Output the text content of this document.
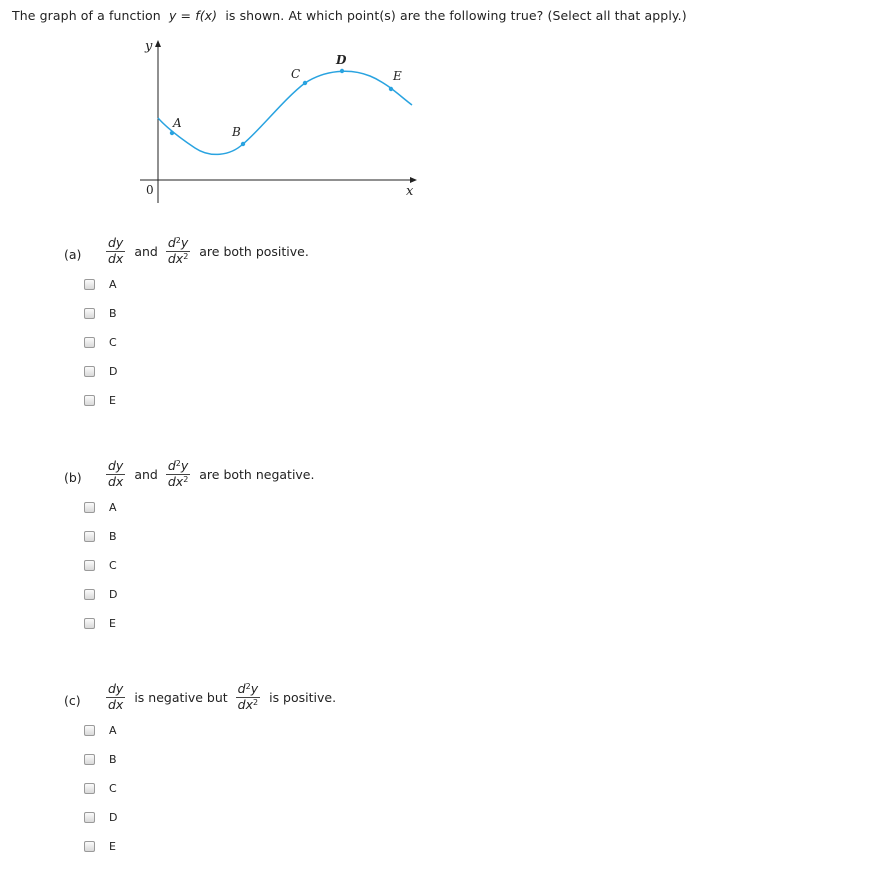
The graph of a function y = f(x) is shown. At which point(s) are the following true? (Select all that apply.)
y
x
0
A
B
C
D
E
$(a) \frac{dy}{dx}$ and $\frac{d^2y}{dx^2}$ are both positive.
A
B
C
D
E
$(b) \frac{dy}{dx}$ and $\frac{d^2y}{dx^2}$ are both negative.
A
B
C
D
E
$(c) \frac{dy}{dx}$ is negative but $\frac{d^2y}{dx^2}$ is positive.
A
B
C
D
E
